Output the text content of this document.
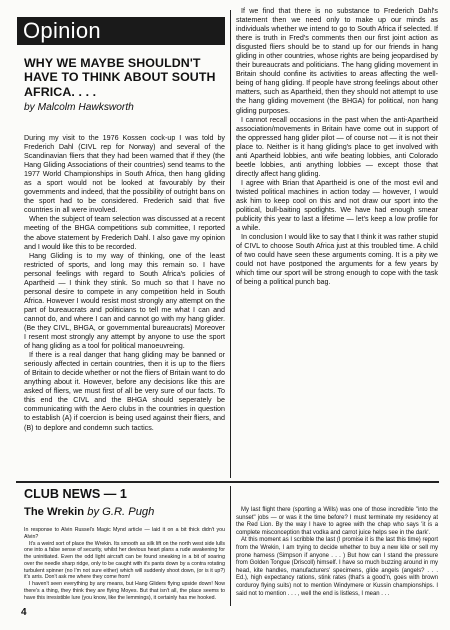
Opinion
WHY WE MAYBE SHOULDN'T HAVE TO THINK ABOUT SOUTH AFRICA. . . .
by Malcolm Hawksworth

During my visit to the 1976 Kossen cock-up I was told by Frederich Dahl (CIVL rep for Norway) and several of the Scandinavian fliers that they had been warned that if they (the Hang Gliding Associations of their countries) send teams to the 1977 World Championships in South Africa, then hang gliding as a sport would not be looked at favourably by their governments and indeed, that the possibility of outright bans on the sport had to be considered. Frederich said that five countries in all were involved.

When the subject of team selection was discussed at a recent meeting of the BHGA competitions sub committee, I reported the above statement by Frederich Dahl. I also gave my opinion and I would like this to be recorded.

Hang Gliding is to my way of thinking, one of the least restricted of sports, and long may this remain so. I have personal feelings with regard to South Africa's policies of Apartheid — I think they stink. So much so that I have no personal desire to compete in any competition held in South Africa. However I would resist most strongly any attempt on the part of bureaucrats and politicians to tell me what I can and cannot do, and where I can and cannot go with my hang glider. (Be they CIVL, BHGA, or governmental bureaucrats) Moreover I resent most strongly any attempt by anyone to use the sport of hang gliding as a tool for political manoeuvreing.

If there is a real danger that hang gliding may be banned or seriously affected in certain countries, then it is up to the fliers of Britain to decide whether or not the fliers of Britain want to do anything about it. However, before any decisions like this are asked of fliers, we must first of all be very sure of our facts. To this end the CIVL and the BHGA should seperately be communicating with the Aero clubs in the countries in question to establish (A) if coercion is being used against their fliers, and (B) to deplore and condemn such tactics.

If we find that there is no substance to Frederich Dahl's statement then we need only to make up our minds as individuals whether we intend to go to South Africa if selected. If there is truth in Fred's comments then our first joint action as disgusted fliers should be to stand up for our friends in hang gliding in other countries, whose rights are being jeopardised by their bureaucrats and politicians. The hang gliding movement in Britain should confine its activities to areas affecting the well-being of hang gliding. If people have strong feelings about other matters, such as Apartheid, then they should not attempt to use the hang gliding movement (the BHGA) for political, non hang gliding purposes.

I cannot recall occasions in the past when the anti-Apartheid association/movements in Britain have come out in support of the oppressed hang glider pilot — of course not — it is not their place to. Neither is it hang gliding's place to get involved with anti Apartheid lobbies, anti wife beating lobbies, anti Colorado beetle lobbies, anti anything lobbies — except those that directly affect hang gliding.

I agree with Brian that Apartheid is one of the most evil and twisted political machines in action today — however, I would ask him to keep cool on this and not draw our sport into the political, bull-baiting spotlights. We have had enough smear publicity this year to last a lifetime — let's keep a low profile for a while.

In conclusion I would like to say that I think it was rather stupid of CIVL to choose South Africa just at this troubled time. A child of two could have seen these arguments coming. It is a pity we could not have postponed the arguments for a few years by which time our sport will be strong enough to cope with the task of being a political punch bag.

CLUB NEWS — 1
The Wrekin by G.R. Pugh

In response to Alvin Russel's Magic Mynd article — laid it on a bit thick didn't you Alvin?

It's a weird sort of place the Wrekin. Its smooth as silk lift on the north west side lulls one into a false sense of security, whilst her devious heart plans a rude awakening for the uninitiated. Even the odd light aircraft can be found sneaking in a bit of soaring over the needle sharp ridge, only to be caught with it's pants down by a contra rotating turbulent spinner (no I'm not sure either) which will suddenly shoot down, (or is it up?) it's arris. Don't ask me where they come from!

I haven't seen everything by any means, but Hang Gliders flying upside down! Now there's a thing, they think they are flying Moyes. But that isn't all, the place seems to have this irresistible lure (you know, like the lemmings), it certainly has me hooked.

My last flight there (sporting a Wills) was one of those incredible "into the sunset" jobs — or was it the time before? I must terminate my residency at the Red Lion. By the way I have to agree with the chap who says 'it is a complete misconception that vodka and carrot juice helps see in the dark'.

At this moment as I scribble the last (I promise it is the last this time) report from the Wrekin, I am trying to decide whether to buy a new kite or sell my prone harness (Simpson if anyone . . . ) But how can I stand the pressure from Golden Tongue (Driscoll) himself. I have so much buzzing around in my head, kite handles, manufacturers' specimens, glide angels (angels? . . . Ed.), high expectancy rations, stink rates (that's a good'n, goes with brown corduroy flying suits) not to mention Windymere or Kussin championships. I said not to mention . . . , well the end is listless, I mean . . .

4
